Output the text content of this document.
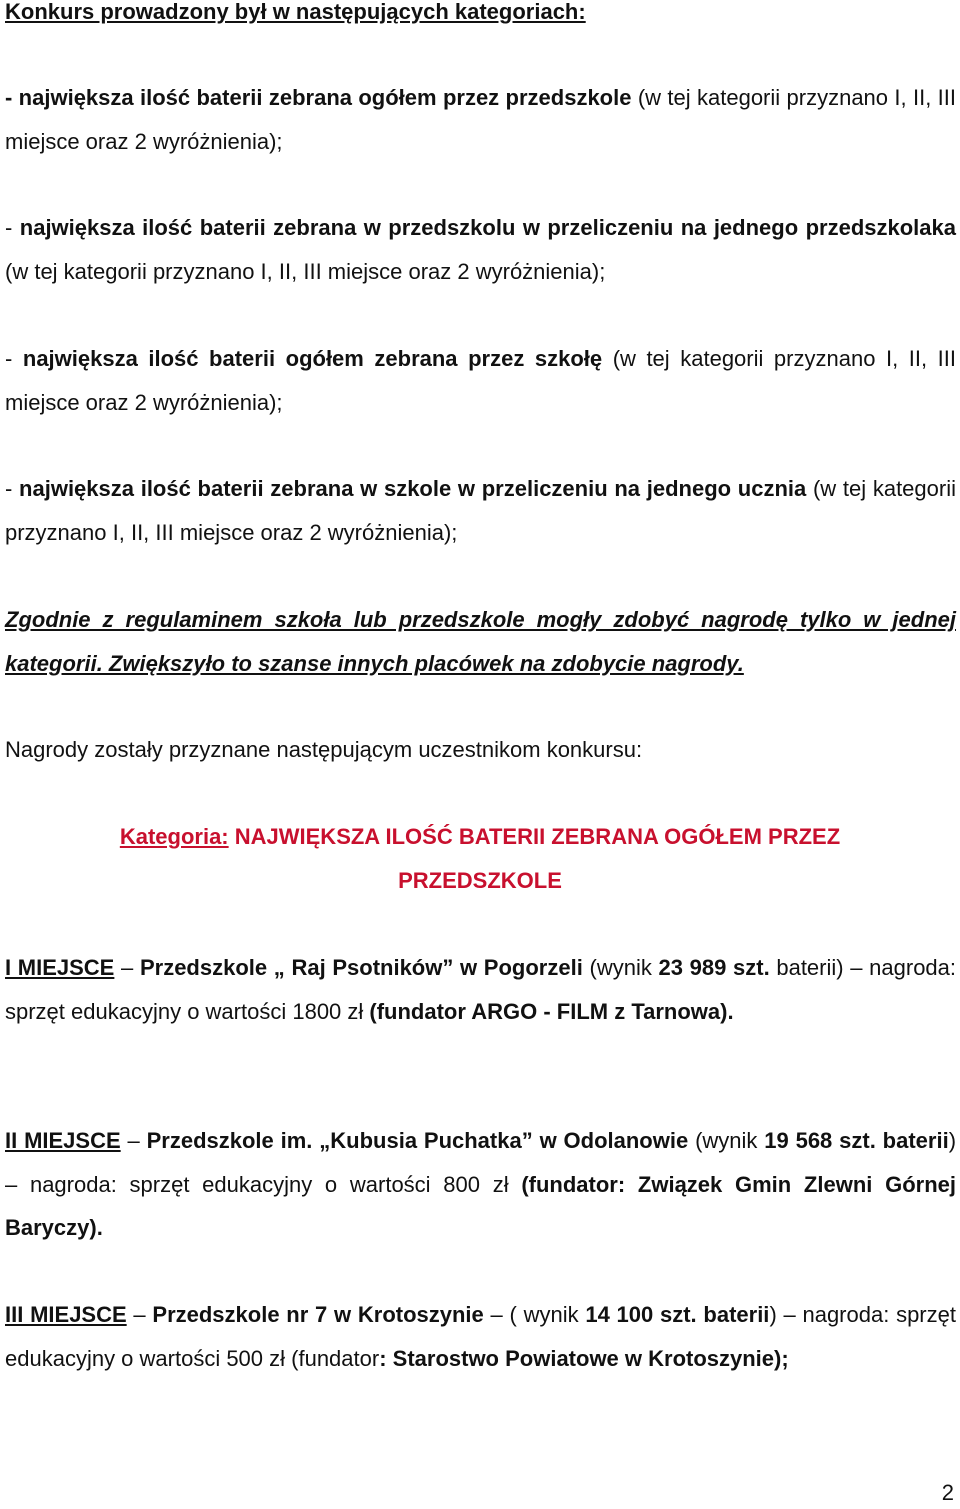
Konkurs prowadzony był w następujących kategoriach:

- największa ilość baterii zebrana ogółem przez przedszkole (w tej kategorii przyznano I, II, III miejsce oraz 2 wyróżnienia);

- największa ilość baterii zebrana w przedszkolu w przeliczeniu na jednego przedszkolaka (w tej kategorii przyznano I, II, III miejsce oraz 2 wyróżnienia);

- największa ilość baterii ogółem zebrana przez szkołę (w tej kategorii przyznano I, II, III miejsce oraz 2 wyróżnienia);

- największa ilość baterii zebrana w szkole w przeliczeniu na jednego ucznia (w tej kategorii przyznano I, II, III miejsce oraz 2 wyróżnienia);

Zgodnie z regulaminem szkoła lub przedszkole mogły zdobyć nagrodę tylko w jednej kategorii. Zwiększyło to szanse innych placówek na zdobycie nagrody.

Nagrody zostały przyznane następującym uczestnikom konkursu:

Kategoria: NAJWIĘKSZA ILOŚĆ BATERII ZEBRANA OGÓŁEM PRZEZ PRZEDSZKOLE

I MIEJSCE – Przedszkole „ Raj Psotników” w Pogorzeli (wynik 23 989 szt. baterii) – nagroda: sprzęt edukacyjny o wartości 1800 zł (fundator ARGO - FILM z Tarnowa).

II MIEJSCE – Przedszkole im. „Kubusia Puchatka” w Odolanowie (wynik 19 568 szt. baterii) – nagroda: sprzęt edukacyjny o wartości 800 zł (fundator: Związek Gmin Zlewni Górnej Baryczy).

III MIEJSCE – Przedszkole nr 7 w Krotoszynie – ( wynik 14 100 szt. baterii) – nagroda: sprzęt edukacyjny o wartości 500 zł (fundator: Starostwo Powiatowe w Krotoszynie);

2
